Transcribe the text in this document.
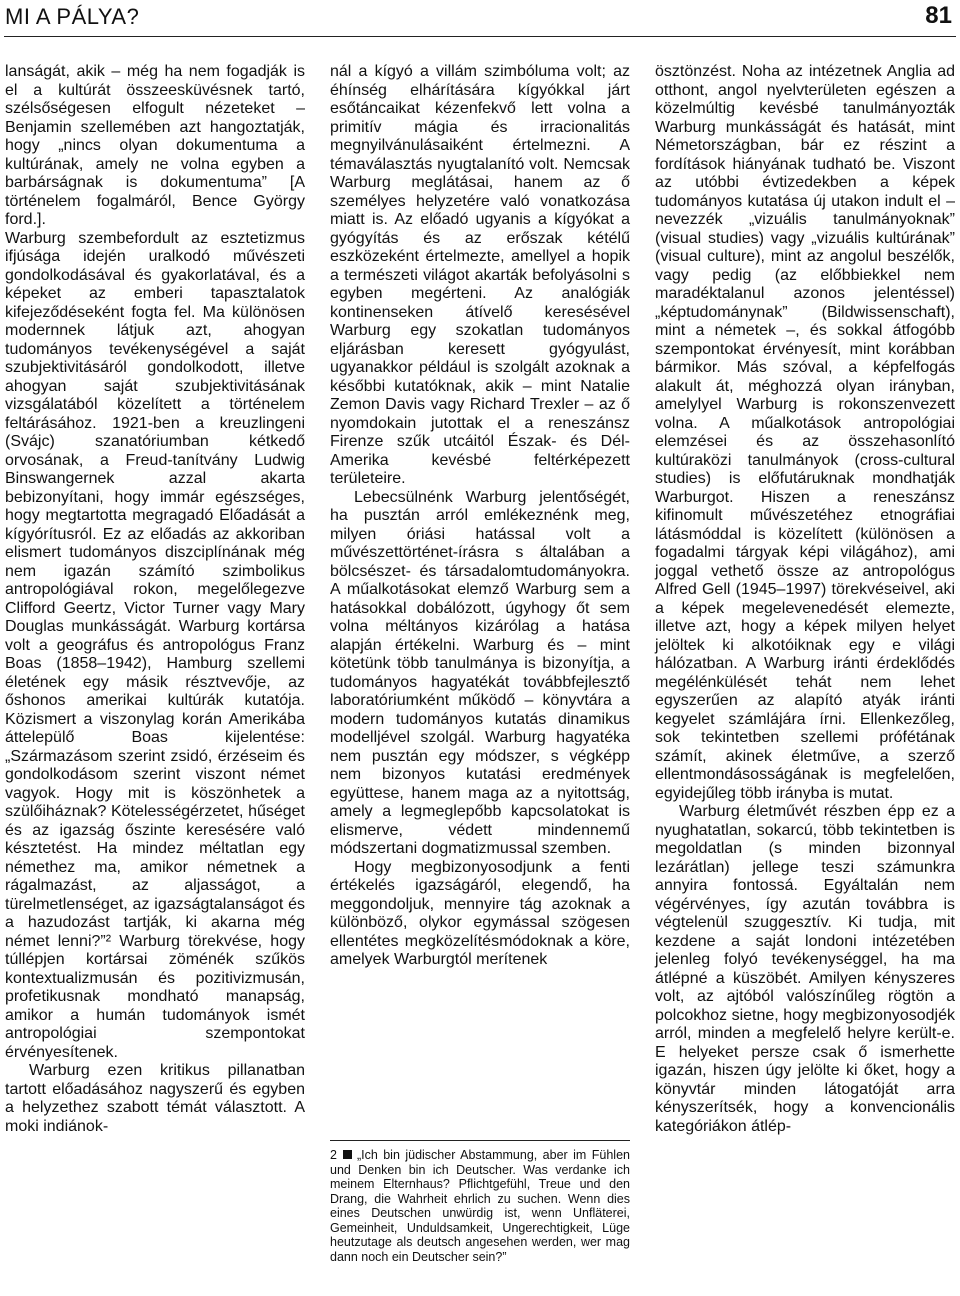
MI A PÁLYA?	81

lanságát, akik – még ha nem fogadják is el a kultúrát összeesküvésnek tartó, szélsőségesen elfogult nézeteket – Benjamin szellemében azt hangoztatják, hogy „nincs olyan dokumentuma a kultúrának, amely ne volna egyben a barbárságnak is dokumentuma” [A történelem fogalmáról, Bence György ford.].

Warburg szembefordult az esztetizmus ifjúsága idején uralkodó művészeti gondolkodásával és gyakorlatával, és a képeket az emberi tapasztalatok kifejeződéseként fogta fel. Ma különösen modernnek látjuk azt, ahogyan tudományos tevékenységével a saját szubjektivitásáról gondolkodott, illetve ahogyan saját szubjektivitásának vizsgálatából közelített a történelem feltárásához. 1921-ben a kreuzlingeni (Svájc) szanatóriumban kétkedő orvosának, a Freud-tanítvány Ludwig Binswangernek azzal akarta bebizonyítani, hogy immár egészséges, hogy megtartotta megragadó Előadását a kígyórítusról. Ez az előadás az akkoriban elismert tudományos diszciplínának még nem igazán számító szimbolikus antropológiával rokon, megelőlegezve Clifford Geertz, Victor Turner vagy Mary Douglas munkásságát. Warburg kortársa volt a geográfus és antropológus Franz Boas (1858–1942), Hamburg szellemi életének egy másik résztvevője, az őshonos amerikai kultúrák kutatója. Közismert a viszonylag korán Amerikába áttelepülő Boas kijelentése: „Származásom szerint zsidó, érzéseim és gondolkodásom szerint viszont német vagyok. Hogy mit is köszönhetek a szülőiháznak? Kötelességérzetet, hűséget és az igazság őszinte keresésére való késztetést. Ha mindez méltatlan egy némethez ma, amikor németnek a rágalmazást, az aljasságot, a türelmetlenséget, az igazságtalanságot és a hazudozást tartják, ki akarna még német lenni?”² Warburg törekvése, hogy túllépjen kortársai zöménék szűkös kontextualizmusán és pozitivizmusán, profetikusnak mondható manapság, amikor a humán tudományok ismét antropológiai szempontokat érvényesítenek.

Warburg ezen kritikus pillanatban tartott előadásához nagyszerű és egyben a helyzethez szabott témát választott. A moki indiánok-

nál a kígyó a villám szimbóluma volt; az éhínség elhárítására kígyókkal járt esőtáncaikat kézenfekvő lett volna a primitív mágia és irracionalitás megnyilvánulásaiként értelmezni. A témaválasztás nyugtalanító volt. Nemcsak Warburg meglátásai, hanem az ő személyes helyzetére való vonatkozása miatt is. Az előadó ugyanis a kígyókat a gyógyítás és az erőszak kétélű eszközeként értelmezte, amellyel a hopik a természeti világot akarták befolyásolni s egyben megérteni. Az analógiák kontinenseken átívelő keresésével Warburg egy szokatlan tudományos eljárásban keresett gyógyulást, ugyanakkor például is szolgált azoknak a későbbi kutatóknak, akik – mint Natalie Zemon Davis vagy Richard Trexler – az ő nyomdokain jutottak el a reneszánsz Firenze szűk utcáitól Észak- és Dél-Amerika kevésbé feltérképezett területeire.

Lebecsülnénk Warburg jelentőségét, ha pusztán arról emlékeznénk meg, milyen óriási hatással volt a művészettörténet-írásra s általában a bölcsészet- és társadalomtudományokra. A műalkotásokat elemző Warburg sem a hatásokkal dobálózott, úgyhogy őt sem volna méltányos kizárólag a hatása alapján értékelni. Warburg és – mint kötetünk több tanulmánya is bizonyítja, a tudományos hagyatékát továbbfejlesztő laboratóriumként működő – könyvtára a modern tudományos kutatás dinamikus modelljével szolgál. Warburg hagyatéka nem pusztán egy módszer, s végképp nem bizonyos kutatási eredmények együttese, hanem maga az a nyitottság, amely a legmeglepőbb kapcsolatokat is elismerve, védett mindennemű módszertani dogmatizmussal szemben.

Hogy megbizonyosodjunk a fenti értékelés igazságáról, elegendő, ha meggondoljuk, mennyire tág azoknak a különböző, olykor egymással szögesen ellentétes megközelítésmódoknak a köre, amelyek Warburgtól merítenek

2 „Ich bin jüdischer Abstammung, aber im Fühlen und Denken bin ich Deutscher. Was verdanke ich meinem Elternhaus? Pflichtgefühl, Treue und den Drang, die Wahrheit ehrlich zu suchen. Wenn dies eines Deutschen unwürdig ist, wenn Unfläterei, Gemeinheit, Unduldsamkeit, Ungerechtigkeit, Lüge heutzutage als deutsch angesehen werden, wer mag dann noch ein Deutscher sein?”

ösztönzést. Noha az intézetnek Anglia ad otthont, angol nyelvterületen egészen a közelmúltig kevésbé tanulmányozták Warburg munkásságát és hatását, mint Németországban, bár ez részint a fordítások hiányának tudható be. Viszont az utóbbi évtizedekben a képek tudományos kutatása új utakon indult el – nevezzék „vizuális tanulmányoknak” (visual studies) vagy „vizuális kultúrának” (visual culture), mint az angolul beszélők, vagy pedig (az előbbiekkel nem maradéktalanul azonos jelentéssel) „képtudománynak” (Bildwissenschaft), mint a németek –, és sokkal átfogóbb szempontokat érvényesít, mint korábban bármikor. Más szóval, a képfelfogás alakult át, méghozzá olyan irányban, amelylyel Warburg is rokonszenvezett volna. A műalkotások antropológiai elemzései és az összehasonlító kultúraközi tanulmányok (cross-cultural studies) is előfutáruknak mondhatják Warburgot. Hiszen a reneszánsz kifinomult művészetéhez etnográfiai látásmóddal is közelített (különösen a fogadalmi tárgyak képi világához), ami joggal vethető össze az antropológus Alfred Gell (1945–1997) törekvéseivel, aki a képek megelevenedését elemezte, illetve azt, hogy a képek milyen helyet jelöltek ki alkotóiknak egy e világi hálózatban. A Warburg iránti érdeklődés megélénkülését tehát nem lehet egyszerűen az alapító atyák iránti kegyelet számlájára írni. Ellenkezőleg, sok tekintetben szellemi prófétának számít, akinek életműve, a szerző ellentmondásosságának is megfelelően, egyidejűleg több irányba is mutat.

Warburg életművét részben épp ez a nyughatatlan, sokarcú, több tekintetben is megoldatlan (s minden bizonnyal lezárátlan) jellege teszi számunkra annyira fontossá. Egyáltalán nem végérvényes, így azután továbbra is végtelenül szuggesztív. Ki tudja, mit kezdene a saját londoni intézetében jelenleg folyó tevékenységgel, ha ma átlépné a küszöbét. Amilyen kényszeres volt, az ajtóból valószínűleg rögtön a polcokhoz sietne, hogy megbizonyosodjék arról, minden a megfelelő helyre került-e. E helyeket persze csak ő ismerhette igazán, hiszen úgy jelölte ki őket, hogy a könyvtár minden látogatóját arra kényszerítsék, hogy a konvencionális kategóriákon átlép-
